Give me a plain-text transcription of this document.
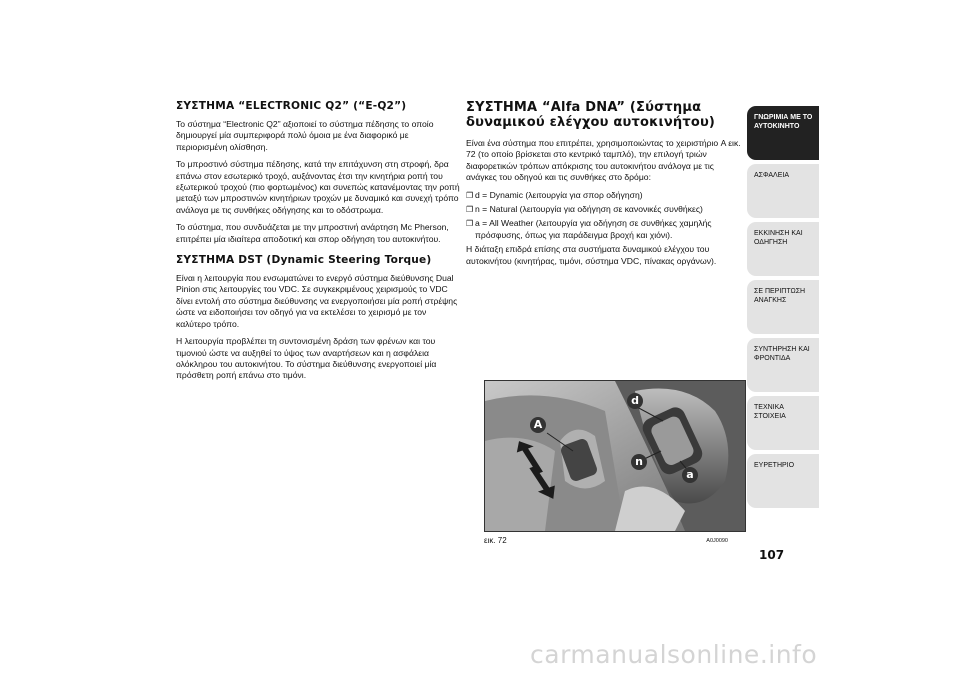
ΣΥΣΤΗΜΑ “ELECTRONIC Q2” (“E-Q2”)

Το σύστημα “Electronic Q2” αξιοποιεί το σύστημα πέδησης το οποίο δημιουργεί μία συμπεριφορά πολύ όμοια με ένα διαφορικό με περιορισμένη ολίσθηση.

Το μπροστινό σύστημα πέδησης, κατά την επιτάχυνση στη στροφή, δρα επάνω στον εσωτερικό τροχό, αυξάνοντας έτσι την κινητήρια ροπή του εξωτερικού τροχού (πιο φορτωμένος) και συνεπώς κατανέμοντας την ροπή μεταξύ των μπροστινών κινητήριων τροχών με δυναμικό και συνεχή τρόπο ανάλογα με τις συνθήκες οδήγησης και το οδόστρωμα.

Το σύστημα, που συνδυάζεται με την μπροστινή ανάρτηση Mc Pherson, επιτρέπει μία ιδιαίτερα αποδοτική και σπορ οδήγηση του αυτοκινήτου.

ΣΥΣΤΗΜΑ DST (Dynamic Steering Torque)

Είναι η λειτουργία που ενσωματώνει το ενεργό σύστημα διεύθυνσης Dual Pinion στις λειτουργίες του VDC. Σε συγκεκριμένους χειρισμούς το VDC δίνει εντολή στο σύστημα διεύθυνσης να ενεργοποιήσει μία ροπή στρέψης ώστε να ειδοποιήσει τον οδηγό για να εκτελέσει το χειρισμό με τον καλύτερο τρόπο.

Η λειτουργία προβλέπει τη συντονισμένη δράση των φρένων και του τιμονιού ώστε να αυξηθεί το ύψος των αναρτήσεων και η ασφάλεια ολόκληρου του αυτοκινήτου. Το σύστημα διεύθυνσης ενεργοποιεί μία πρόσθετη ροπή επάνω στο τιμόνι.

ΣΥΣΤΗΜΑ “Alfa DNA” (Σύστημα
δυναμικού ελέγχου αυτοκινήτου)

Είναι ένα σύστημα που επιτρέπει, χρησιμοποιώντας το χειριστήριο A εικ. 72 (το οποίο βρίσκεται στο κεντρικό ταμπλό), την επιλογή τριών διαφορετικών τρόπων απόκρισης του αυτοκινήτου ανάλογα με τις ανάγκες του οδηγού και τις συνθήκες στο δρόμο:

❐ d = Dynamic (λειτουργία για σπορ οδήγηση)
❐ n = Natural (λειτουργία για οδήγηση σε κανονικές συνθήκες)
❐ a = All Weather (λειτουργία για οδήγηση σε συνθήκες χαμηλής πρόσφυσης, όπως για παράδειγμα βροχή και χιόνι).

Η διάταξη επιδρά επίσης στα συστήματα δυναμικού ελέγχου του αυτοκινήτου (κινητήρας, τιμόνι, σύστημα VDC, πίνακας οργάνων).

A
d
n
a
εικ. 72	A0J0090
ΓΝΩΡΙΜΙΑ ΜΕ ΤΟ ΑΥΤΟΚΙΝΗΤΟ
ΑΣΦΑΛΕΙΑ
ΕΚΚΙΝΗΣΗ ΚΑΙ ΟΔΗΓΗΣΗ
ΣΕ ΠΕΡΙΠΤΩΣΗ ΑΝΑΓΚΗΣ
ΣΥΝΤΗΡΗΣΗ ΚΑΙ ΦΡΟΝΤΙΔΑ
ΤΕΧΝΙΚΑ ΣΤΟΙΧΕΙΑ
ΕΥΡΕΤΗΡΙΟ
107
carmanualsonline.info
